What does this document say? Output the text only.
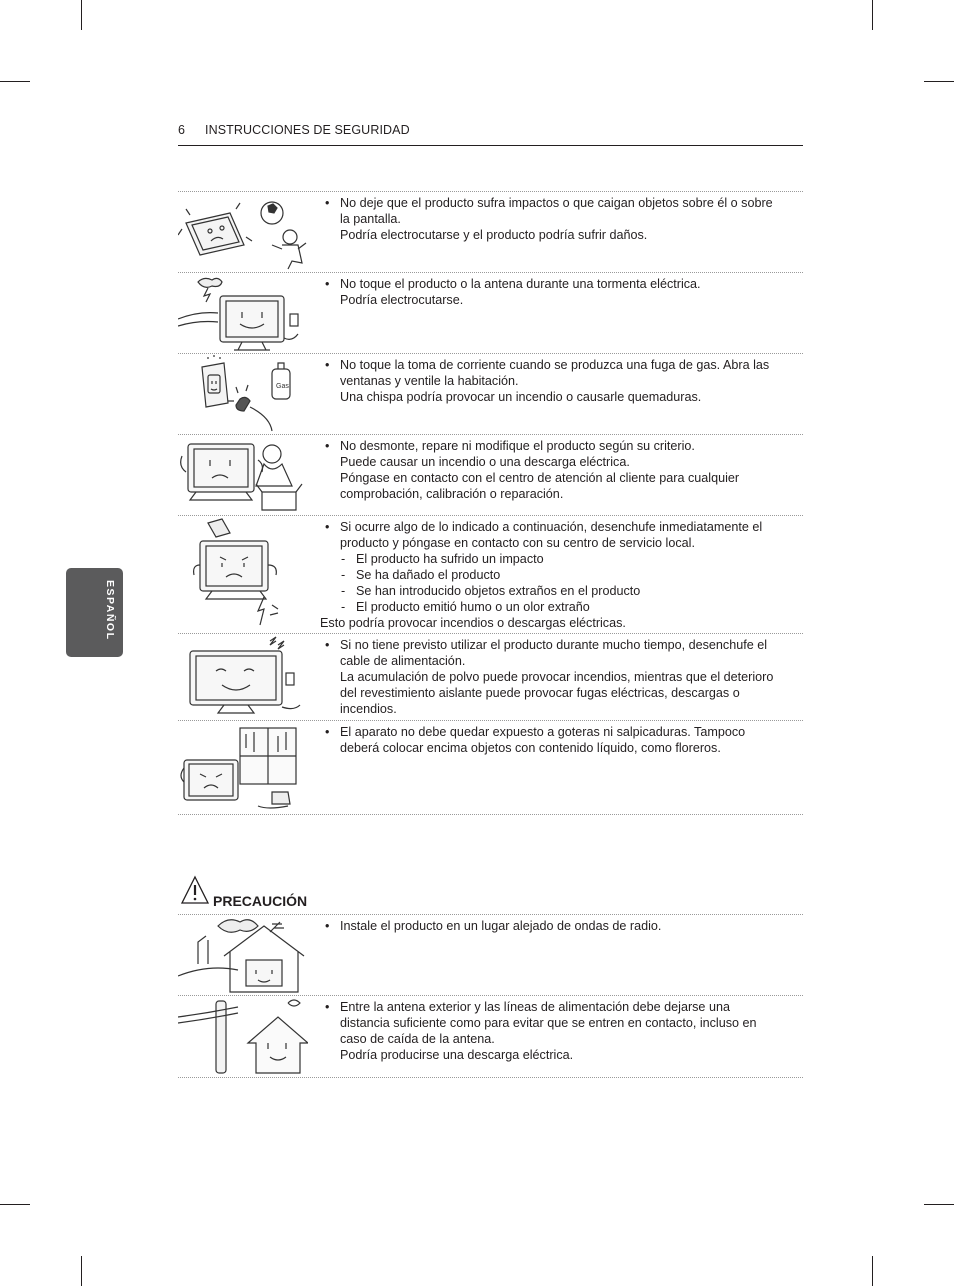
6 INSTRUCCIONES DE SEGURIDAD
ESPAÑOL
• No deje que el producto sufra impactos o que caigan objetos sobre él o sobre la pantalla.

Podría electrocutarse y el producto podría sufrir daños.

• No toque el producto o la antena durante una tormenta eléctrica.

Podría electrocutarse.

Gas
• No toque la toma de corriente cuando se produzca una fuga de gas. Abra las ventanas y ventile la habitación.

Una chispa podría provocar un incendio o causarle quemaduras.

• No desmonte, repare ni modifique el producto según su criterio.

Puede causar un incendio o una descarga eléctrica.

Póngase en contacto con el centro de atención al cliente para cualquier comprobación, calibración o reparación.

• Si ocurre algo de lo indicado a continuación, desenchufe inmediatamente el producto y póngase en contacto con su centro de servicio local.
- El producto ha sufrido un impacto
- Se ha dañado el producto
- Se han introducido objetos extraños en el producto
- El producto emitió humo o un olor extraño

Esto podría provocar incendios o descargas eléctricas.

• Si no tiene previsto utilizar el producto durante mucho tiempo, desenchufe el cable de alimentación.

La acumulación de polvo puede provocar incendios, mientras que el deterioro del revestimiento aislante puede provocar fugas eléctricas, descargas o incendios.

• El aparato no debe quedar expuesto a goteras ni salpicaduras. Tampoco deberá colocar encima objetos con contenido líquido, como floreros.
PRECAUCIÓN
• Instale el producto en un lugar alejado de ondas de radio.
• Entre la antena exterior y las líneas de alimentación debe dejarse una distancia suficiente como para evitar que se entren en contacto, incluso en caso de caída de la antena.

Podría producirse una descarga eléctrica.
